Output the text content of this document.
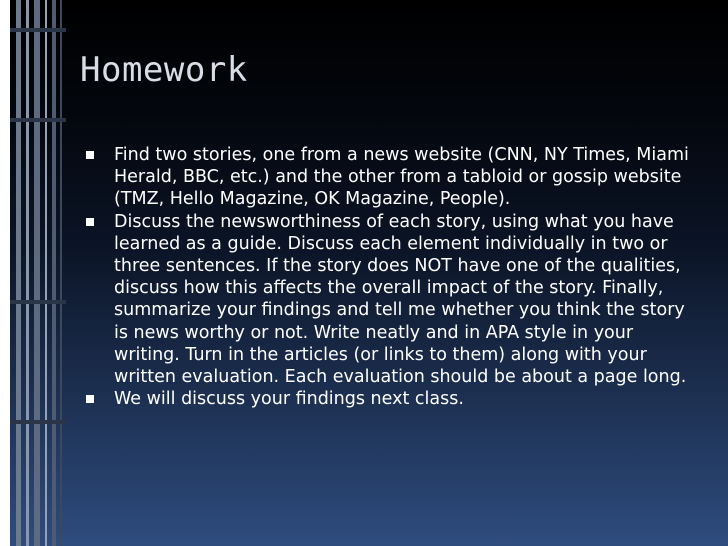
Homework
Find two stories, one from a news website (CNN, NY Times, Miami Herald, BBC, etc.) and the other from a tabloid or gossip website (TMZ, Hello Magazine, OK Magazine, People).
Discuss the newsworthiness of each story, using what you have learned as a guide. Discuss each element individually in two or three sentences. If the story does NOT have one of the qualities, discuss how this affects the overall impact of the story. Finally, summarize your findings and tell me whether you think the story is news worthy or not. Write neatly and in APA style in your writing. Turn in the articles (or links to them) along with your written evaluation. Each evaluation should be about a page long.
We will discuss your findings next class.
